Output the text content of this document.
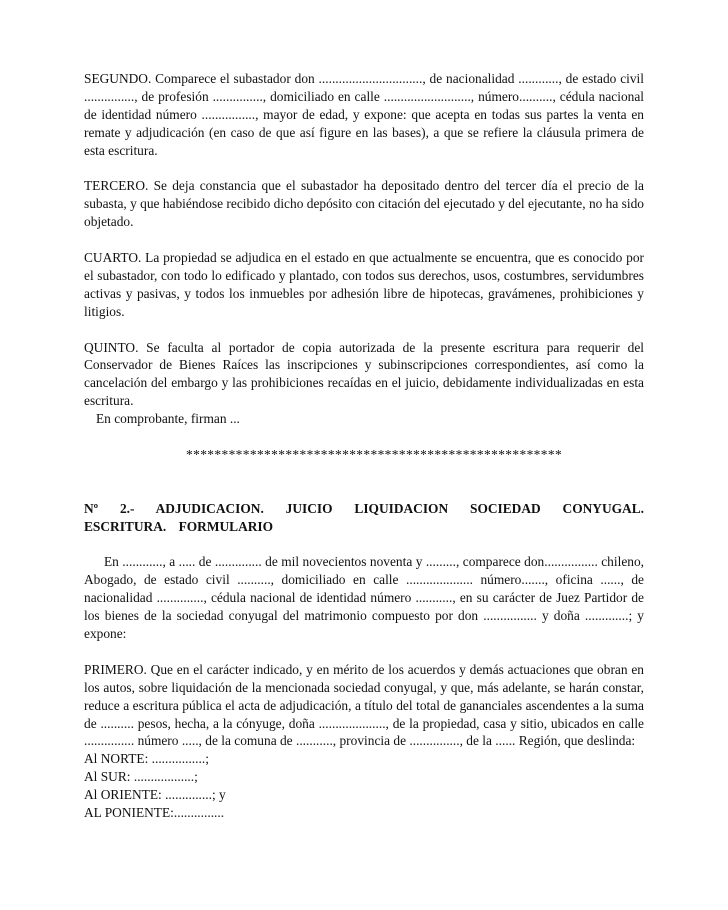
SEGUNDO. Comparece el subastador don ..............................., de nacionalidad ............, de estado civil ..............., de profesión ..............., domiciliado en calle .........................., número.........., cédula nacional de identidad número ................, mayor de edad, y expone: que acepta en todas sus partes la venta en remate y adjudicación (en caso de que así figure en las bases), a que se refiere la cláusula primera de esta escritura.

TERCERO. Se deja constancia que el subastador ha depositado dentro del tercer día el precio de la subasta, y que habiéndose recibido dicho depósito con citación del ejecutado y del ejecutante, no ha sido objetado.

CUARTO. La propiedad se adjudica en el estado en que actualmente se encuentra, que es conocido por el subastador, con todo lo edificado y plantado, con todos sus derechos, usos, costumbres, servidumbres activas y pasivas, y todos los inmuebles por adhesión libre de hipotecas, gravámenes, prohibiciones y litigios.

QUINTO. Se faculta al portador de copia autorizada de la presente escritura para requerir del Conservador de Bienes Raíces las inscripciones y subinscripciones correspondientes, así como la cancelación del embargo y las prohibiciones recaídas en el juicio, debidamente individualizadas en esta escritura.

En comprobante, firman ...

*****************************************************

Nº 2.- ADJUDICACION. JUICIO LIQUIDACION SOCIEDAD CONYUGAL. ESCRITURA. FORMULARIO

En ............, a ..... de .............. de mil novecientos noventa y ........., comparece don................ chileno, Abogado, de estado civil .........., domiciliado en calle .................... número......., oficina ......, de nacionalidad .............., cédula nacional de identidad número ..........., en su carácter de Juez Partidor de los bienes de la sociedad conyugal del matrimonio compuesto por don ................ y doña .............; y expone:

PRIMERO. Que en el carácter indicado, y en mérito de los acuerdos y demás actuaciones que obran en los autos, sobre liquidación de la mencionada sociedad conyugal, y que, más adelante, se harán constar, reduce a escritura pública el acta de adjudicación, a título del total de gananciales ascendentes a la suma de .......... pesos, hecha, a la cónyuge, doña ...................., de la propiedad, casa y sitio, ubicados en calle ............... número ....., de la comuna de ..........., provincia de ..............., de la ...... Región, que deslinda:

Al NORTE: ................;

Al SUR: ..................;

Al ORIENTE: ..............; y

AL PONIENTE:...............
